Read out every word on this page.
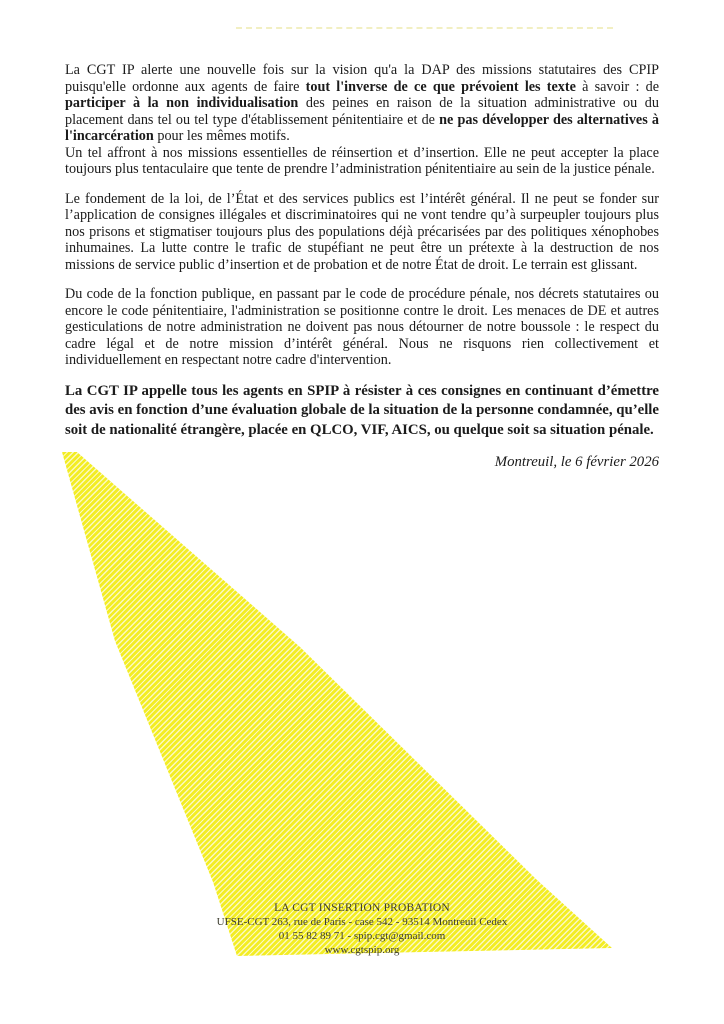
La CGT IP alerte une nouvelle fois sur la vision qu'a la DAP des missions statutaires des CPIP puisqu'elle ordonne aux agents de faire tout l'inverse de ce que prévoient les texte à savoir : de participer à la non individualisation des peines en raison de la situation administrative ou du placement dans tel ou tel type d'établissement pénitentiaire et de ne pas développer des alternatives à l'incarcération pour les mêmes motifs.

Un tel affront à nos missions essentielles de réinsertion et d’insertion. Elle ne peut accepter la place toujours plus tentaculaire que tente de prendre l’administration pénitentiaire au sein de la justice pénale.

Le fondement de la loi, de l’État et des services publics est l’intérêt général. Il ne peut se fonder sur l’application de consignes illégales et discriminatoires qui ne vont tendre qu’à surpeupler toujours plus nos prisons et stigmatiser toujours plus des populations déjà précarisées par des politiques xénophobes inhumaines. La lutte contre le trafic de stupéfiant ne peut être un prétexte à la destruction de nos missions de service public d’insertion et de probation et de notre État de droit. Le terrain est glissant.

Du code de la fonction publique, en passant par le code de procédure pénale, nos décrets statutaires ou encore le code pénitentiaire, l'administration se positionne contre le droit. Les menaces de DE et autres gesticulations de notre administration ne doivent pas nous détourner de notre boussole : le respect du cadre légal et de notre mission d’intérêt général. Nous ne risquons rien collectivement et individuellement en respectant notre cadre d'intervention.

La CGT IP appelle tous les agents en SPIP à résister à ces consignes en continuant d’émettre des avis en fonction d’une évaluation globale de la situation de la personne condamnée, qu’elle soit de nationalité étrangère, placée en QLCO, VIF, AICS, ou quelque soit sa situation pénale.

Montreuil, le 6 février 2026

LA CGT INSERTION PROBATION
UFSE-CGT 263, rue de Paris - case 542 - 93514 Montreuil Cedex
01 55 82 89 71 - spip.cgt@gmail.com
www.cgtspip.org
